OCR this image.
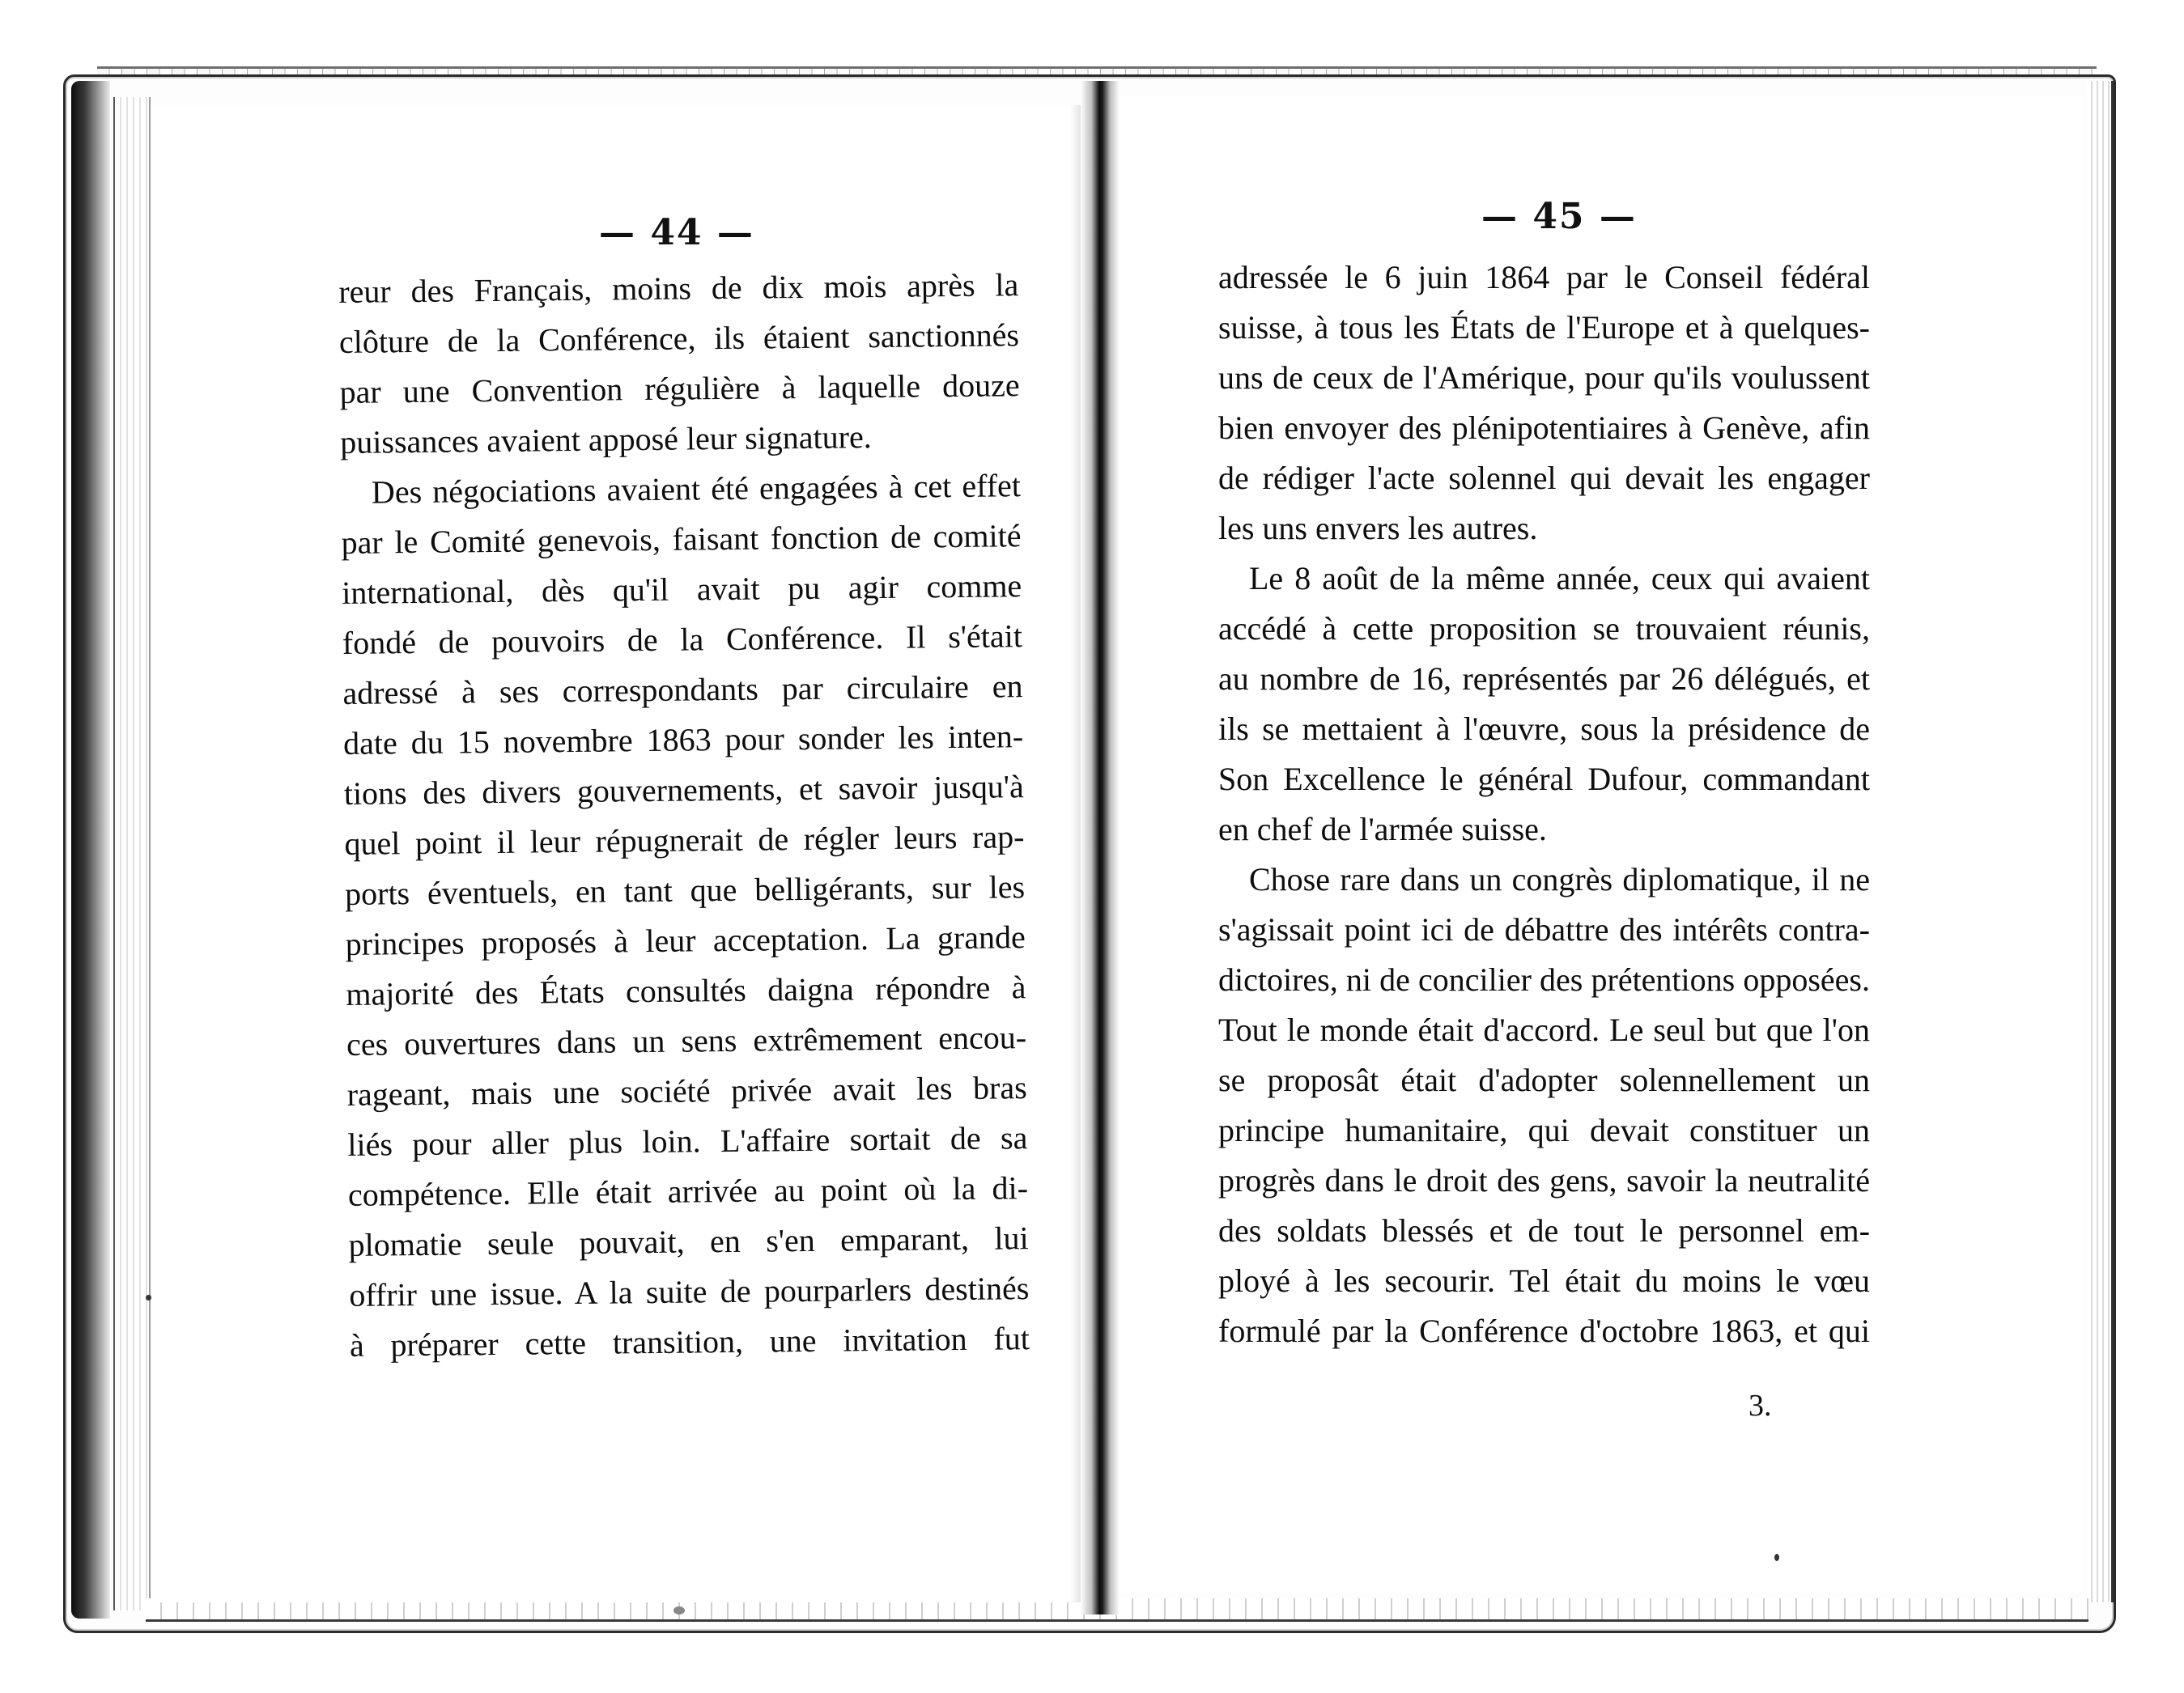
— 44 —	— 45 —
reur des Français, moins de dix mois après la
clôture de la Conférence, ils étaient sanctionnés
par une Convention régulière à laquelle douze
puissances avaient apposé leur signature.
Des négociations avaient été engagées à cet effet
par le Comité genevois, faisant fonction de comité
international, dès qu'il avait pu agir comme
fondé de pouvoirs de la Conférence. Il s'était
adressé à ses correspondants par circulaire en
date du 15 novembre 1863 pour sonder les inten-
tions des divers gouvernements, et savoir jusqu'à
quel point il leur répugnerait de régler leurs rap-
ports éventuels, en tant que belligérants, sur les
principes proposés à leur acceptation. La grande
majorité des États consultés daigna répondre à
ces ouvertures dans un sens extrêmement encou-
rageant, mais une société privée avait les bras
liés pour aller plus loin. L'affaire sortait de sa
compétence. Elle était arrivée au point où la di-
plomatie seule pouvait, en s'en emparant, lui
offrir une issue. A la suite de pourparlers destinés
à préparer cette transition, une invitation fut
adressée le 6 juin 1864 par le Conseil fédéral
suisse, à tous les États de l'Europe et à quelques-
uns de ceux de l'Amérique, pour qu'ils voulussent
bien envoyer des plénipotentiaires à Genève, afin
de rédiger l'acte solennel qui devait les engager
les uns envers les autres.
Le 8 août de la même année, ceux qui avaient
accédé à cette proposition se trouvaient réunis,
au nombre de 16, représentés par 26 délégués, et
ils se mettaient à l'œuvre, sous la présidence de
Son Excellence le général Dufour, commandant
en chef de l'armée suisse.
Chose rare dans un congrès diplomatique, il ne
s'agissait point ici de débattre des intérêts contra-
dictoires, ni de concilier des prétentions opposées.
Tout le monde était d'accord. Le seul but que l'on
se proposât était d'adopter solennellement un
principe humanitaire, qui devait constituer un
progrès dans le droit des gens, savoir la neutralité
des soldats blessés et de tout le personnel em-
ployé à les secourir. Tel était du moins le vœu
formulé par la Conférence d'octobre 1863, et qui
3.
